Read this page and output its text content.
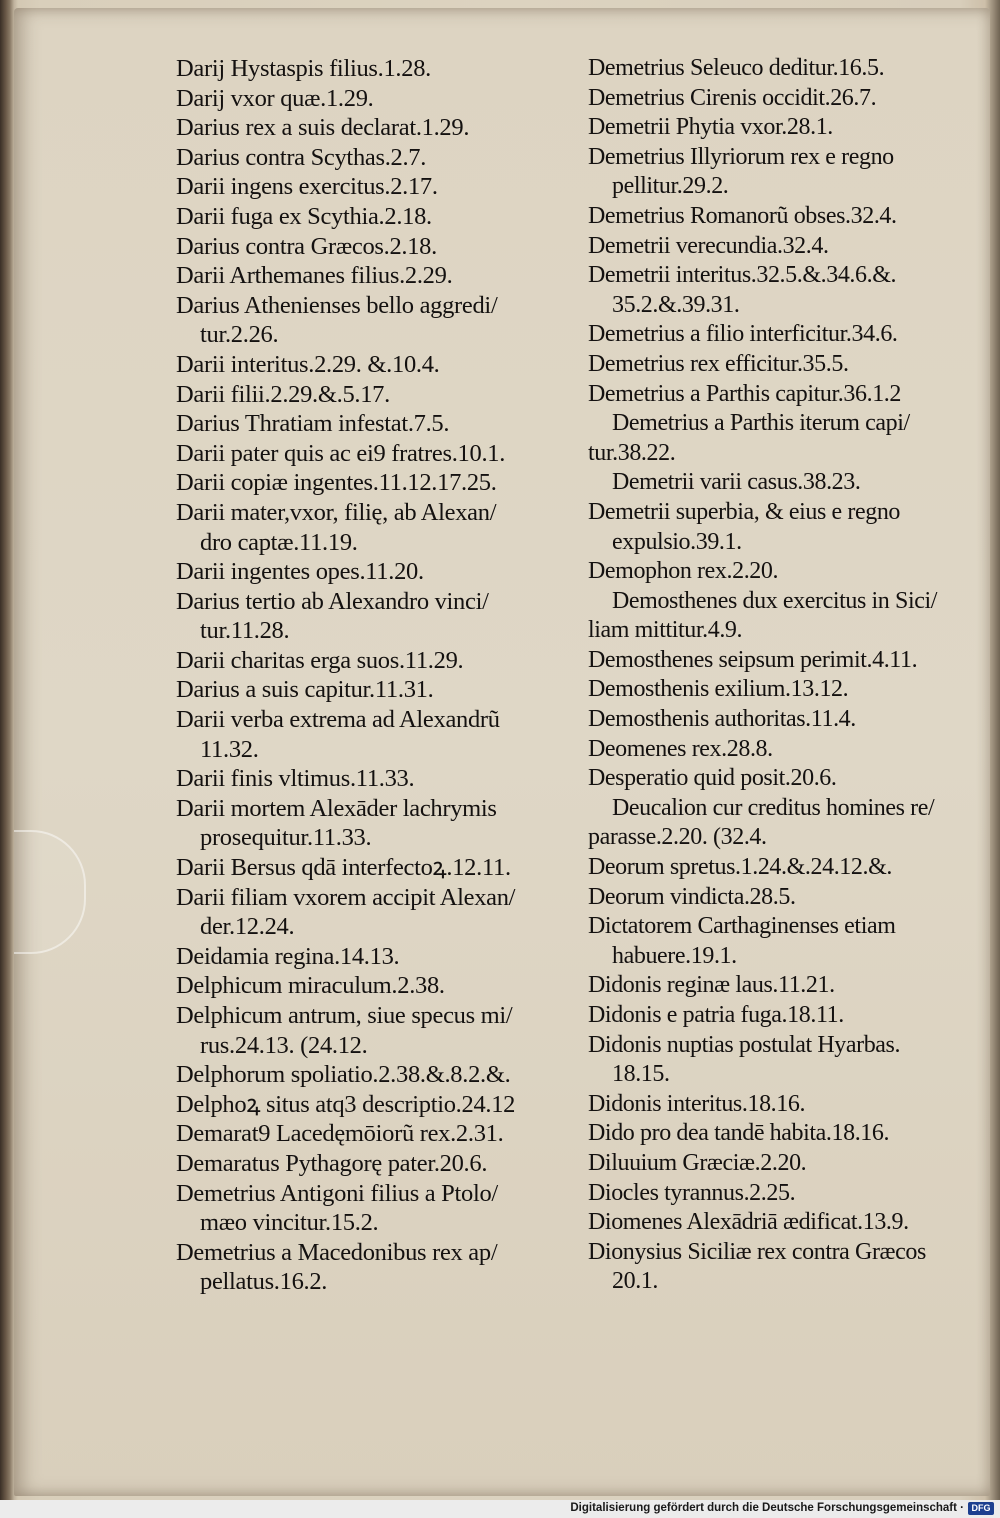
Darij Hystaspis filius.1.28.
Darij vxor quæ.1.29.
Darius rex a suis declarat.1.29.
Darius contra Scythas.2.7.
Darii ingens exercitus.2.17.
Darii fuga ex Scythia.2.18.
Darius contra Græcos.2.18.
Darii Arthemanes filius.2.29.
Darius Athenienses bello aggredi/
tur.2.26.
Darii interitus.2.29. &.10.4.
Darii filii.2.29.&.5.17.
Darius Thratiam infestat.7.5.
Darii pater quis ac ei9 fratres.10.1.
Darii copiæ ingentes.11.12.17.25.
Darii mater,vxor, filię, ab Alexan/
dro captæ.11.19.
Darii ingentes opes.11.20.
Darius tertio ab Alexandro vinci/
tur.11.28.
Darii charitas erga suos.11.29.
Darius a suis capitur.11.31.
Darii verba extrema ad Alexandrũ
11.32.
Darii finis vltimus.11.33.
Darii mortem Alexāder lachrymis
prosequitur.11.33.
Darii Bersus qdā interfectoꝝ.12.11.
Darii filiam vxorem accipit Alexan/
der.12.24.
Deidamia regina.14.13.
Delphicum miraculum.2.38.
Delphicum antrum, siue specus mi/
rus.24.13. (24.12.
Delphorum spoliatio.2.38.&.8.2.&.
Delphoꝝ situs atq3 descriptio.24.12
Demarat9 Lacedęmōiorũ rex.2.31.
Demaratus Pythagorę pater.20.6.
Demetrius Antigoni filius a Ptolo/
mæo vincitur.15.2.
Demetrius a Macedonibus rex ap/
pellatus.16.2.
Demetrius Seleuco deditur.16.5.
Demetrius Cirenis occidit.26.7.
Demetrii Phytia vxor.28.1.
Demetrius Illyriorum rex e regno
pellitur.29.2.
Demetrius Romanorũ obses.32.4.
Demetrii verecundia.32.4.
Demetrii interitus.32.5.&.34.6.&.
35.2.&.39.31.
Demetrius a filio interficitur.34.6.
Demetrius rex efficitur.35.5.
Demetrius a Parthis capitur.36.1.2
Demetrius a Parthis iterum capi/
tur.38.22.
Demetrii varii casus.38.23.
Demetrii superbia, & eius e regno
expulsio.39.1.
Demophon rex.2.20.
Demosthenes dux exercitus in Sici/
liam mittitur.4.9.
Demosthenes seipsum perimit.4.11.
Demosthenis exilium.13.12.
Demosthenis authoritas.11.4.
Deomenes rex.28.8.
Desperatio quid posit.20.6.
Deucalion cur creditus homines re/
parasse.2.20. (32.4.
Deorum spretus.1.24.&.24.12.&.
Deorum vindicta.28.5.
Dictatorem Carthaginenses etiam
habuere.19.1.
Didonis reginæ laus.11.21.
Didonis e patria fuga.18.11.
Didonis nuptias postulat Hyarbas.
18.15.
Didonis interitus.18.16.
Dido pro dea tandē habita.18.16.
Diluuium Græciæ.2.20.
Diocles tyrannus.2.25.
Diomenes Alexādriā ædificat.13.9.
Dionysius Siciliæ rex contra Græcos
20.1.
Digitalisierung gefördert durch die Deutsche Forschungsgemeinschaft · DFG
